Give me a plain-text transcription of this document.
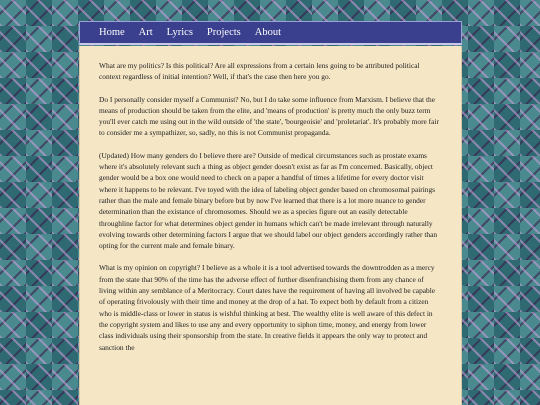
Home Art Lyrics Projects About

What are my politics? Is this political? Are all expressions from a certain lens going to be attributed political context regardless of initial intention? Well, if that's the case then here you go.

Do I personally consider myself a Communist? No, but I do take some influence from Marxism. I believe that the means of production should be taken from the elite, and 'means of production' is pretty much the only buzz term you'll ever catch me using out in the wild outside of 'the state', 'bourgeoisie' and 'proletariat'. It's probably more fair to consider me a sympathizer, so, sadly, no this is not Communist propaganda.

(Updated) How many genders do I believe there are? Outside of medical circumstances such as prostate exams where it's absolutely relevant such a thing as object gender doesn't exist as far as I'm concerned. Basically, object gender would be a box one would need to check on a paper a handful of times a lifetime for every doctor visit where it happens to be relevant. I've toyed with the idea of labeling object gender based on chromosomal pairings rather than the male and female binary before but by now I've learned that there is a lot more nuance to gender determination than the existance of chromosomes. Should we as a species figure out an easily detectable throughline factor for what determines object gender in humans which can't be made irrelevant through naturally evolving towards other determining factors I argue that we should label our object genders accordingly rather than opting for the current male and female binary.

What is my opinion on copyright? I believe as a whole it is a tool advertised towards the downtrodden as a mercy from the state that 90% of the time has the adverse effect of further disenfranchising them from any chance of living within any semblance of a Meritocracy. Court dates have the requirement of having all involved be capable of operating frivolously with their time and money at the drop of a hat. To expect both by default from a citizen who is middle-class or lower in status is wishful thinking at best. The wealthy elite is well aware of this defect in the copyright system and likes to use any and every opportunity to siphon time, money, and energy from lower class individuals using their sponsorship from the state. In creative fields it appears the only way to protect and sanction the
